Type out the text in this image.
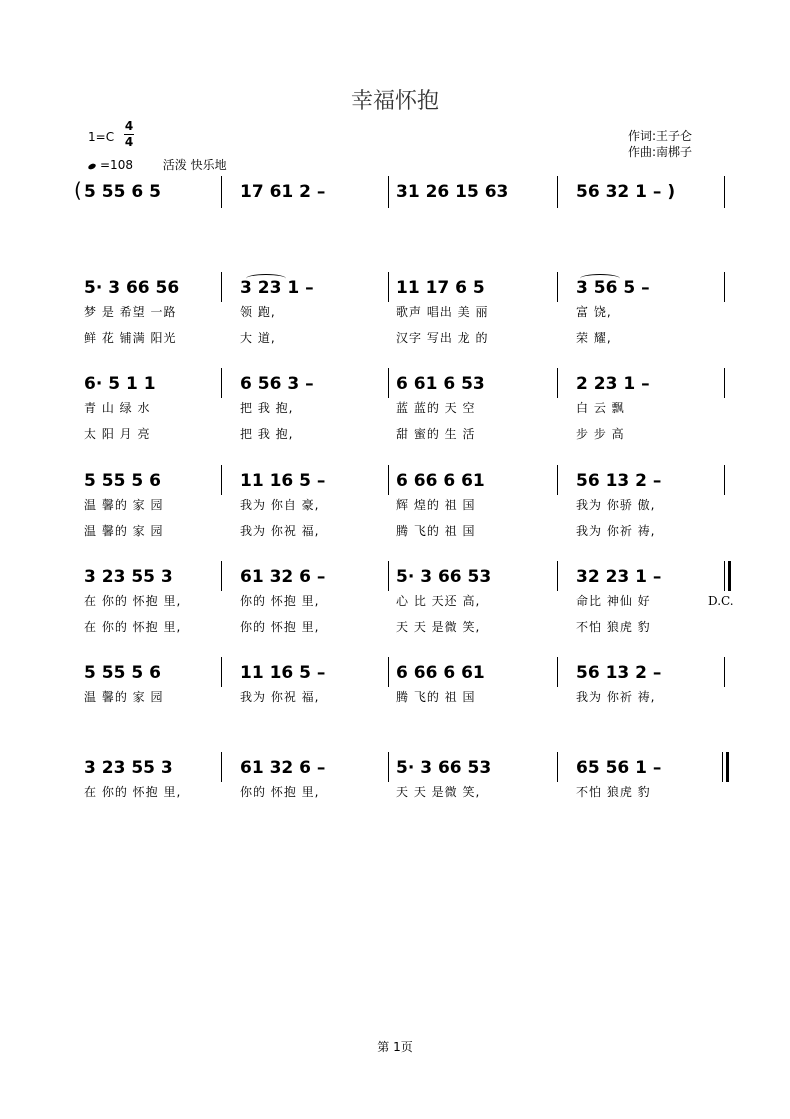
幸福怀抱
1=C
4
4
=108 活泼 快乐地
作词:王子仑
作曲:南梆子
( 5 55 6 5	17 61 2 –	31 26 15 63	56 32 1 – )
5· 3 66 56	3 23 1 –	11 17 6 5	3 56 5 –
梦 是 希望 一路	领 跑,	歌声 唱出 美 丽	富 饶,
鲜 花 铺满 阳光	大 道,	汉字 写出 龙 的	荣 耀,
6· 5 1 1	6 56 3 –	6 61 6 53	2 23 1 –
青 山 绿 水	把 我 抱,	蓝 蓝的 天 空	白 云 飘
太 阳 月 亮	把 我 抱,	甜 蜜的 生 活	步 步 高
5 55 5 6	11 16 5 –	6 66 6 61	56 13 2 –
温 馨的 家 园	我为 你自 豪,	辉 煌的 祖 国	我为 你骄 傲,
温 馨的 家 园	我为 你祝 福,	腾 飞的 祖 国	我为 你祈 祷,
3 23 55 3	61 32 6 –	5· 3 66 53	32 23 1 –
D.C.
在 你的 怀抱 里,	你的 怀抱 里,	心 比 天还 高,	命比 神仙 好
在 你的 怀抱 里,	你的 怀抱 里,	天 天 是微 笑,	不怕 狼虎 豹
5 55 5 6	11 16 5 –	6 66 6 61	56 13 2 –
温 馨的 家 园	我为 你祝 福,	腾 飞的 祖 国	我为 你祈 祷,
3 23 55 3	61 32 6 –	5· 3 66 53	65 56 1 –
在 你的 怀抱 里,	你的 怀抱 里,	天 天 是微 笑,	不怕 狼虎 豹
第 1页
